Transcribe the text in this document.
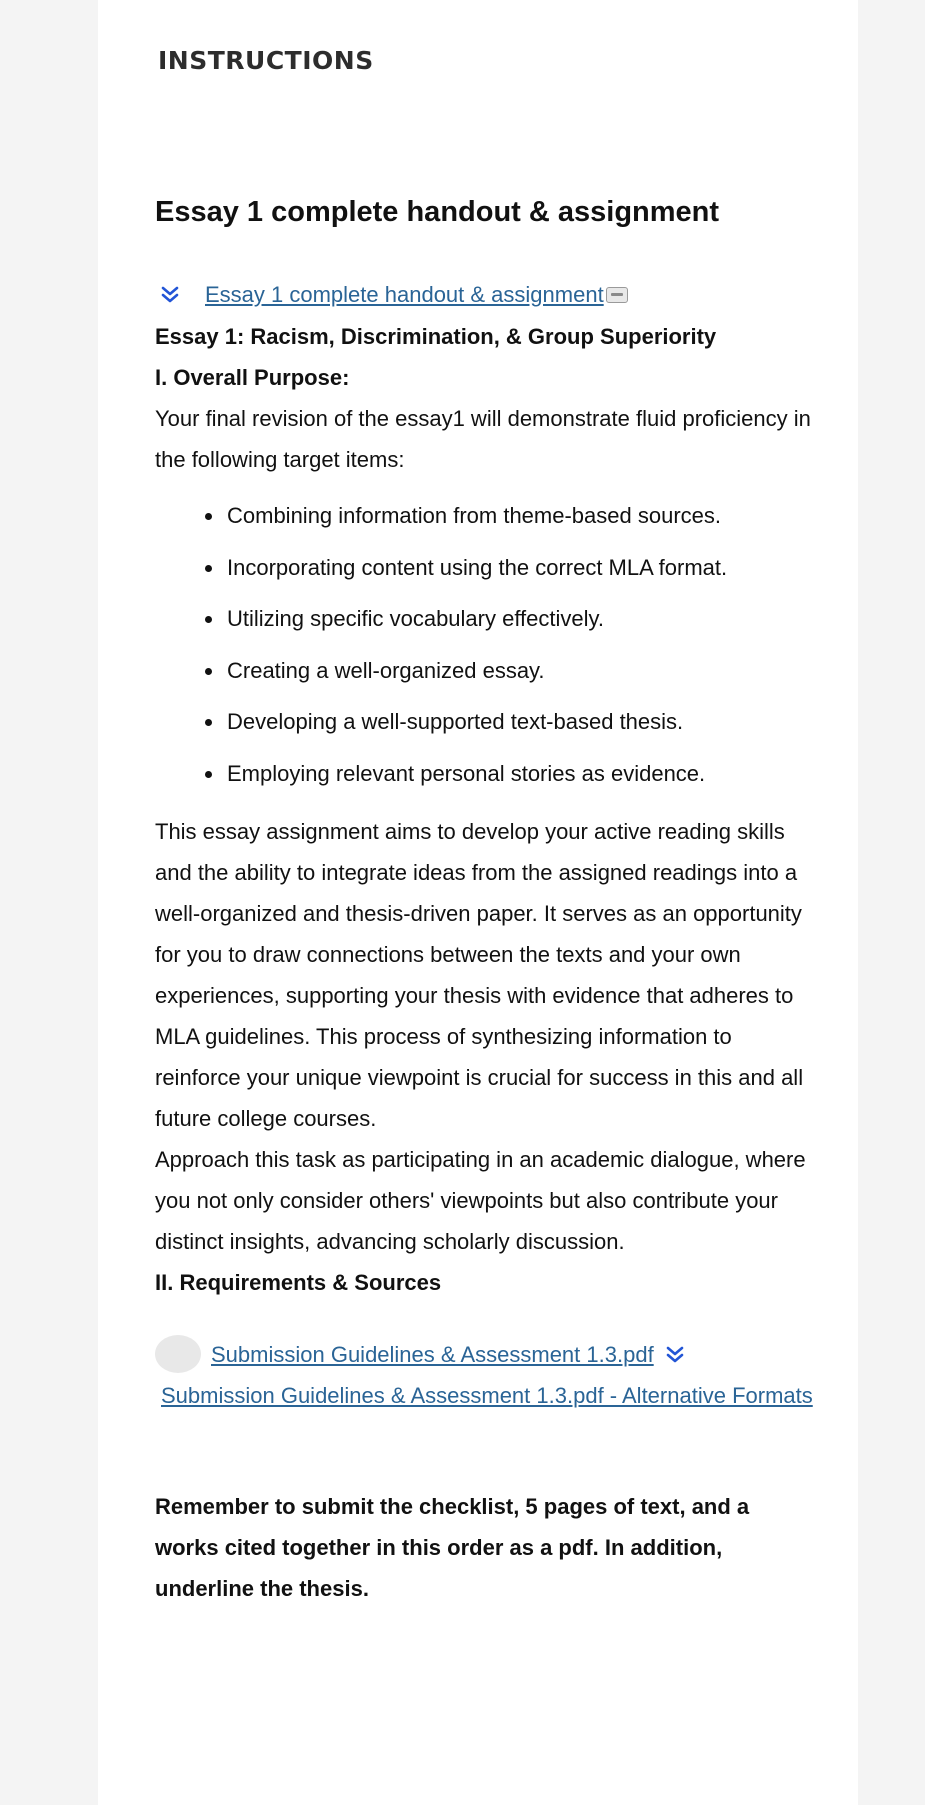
INSTRUCTIONS
Essay 1 complete handout & assignment
Essay 1 complete handout & assignment

Essay 1: Racism, Discrimination, & Group Superiority

I. Overall Purpose:

Your final revision of the essay1 will demonstrate fluid proficiency in the following target items:

• Combining information from theme-based sources.
• Incorporating content using the correct MLA format.
• Utilizing specific vocabulary effectively.
• Creating a well-organized essay.
• Developing a well-supported text-based thesis.
• Employing relevant personal stories as evidence.

This essay assignment aims to develop your active reading skills and the ability to integrate ideas from the assigned readings into a well-organized and thesis-driven paper. It serves as an opportunity for you to draw connections between the texts and your own experiences, supporting your thesis with evidence that adheres to MLA guidelines. This process of synthesizing information to reinforce your unique viewpoint is crucial for success in this and all future college courses.

Approach this task as participating in an academic dialogue, where you not only consider others' viewpoints but also contribute your distinct insights, advancing scholarly discussion.

II. Requirements & Sources

Submission Guidelines & Assessment 1.3.pdf
Submission Guidelines & Assessment 1.3.pdf - Alternative Formats

Remember to submit the checklist, 5 pages of text, and a works cited together in this order as a pdf. In addition, underline the thesis.
